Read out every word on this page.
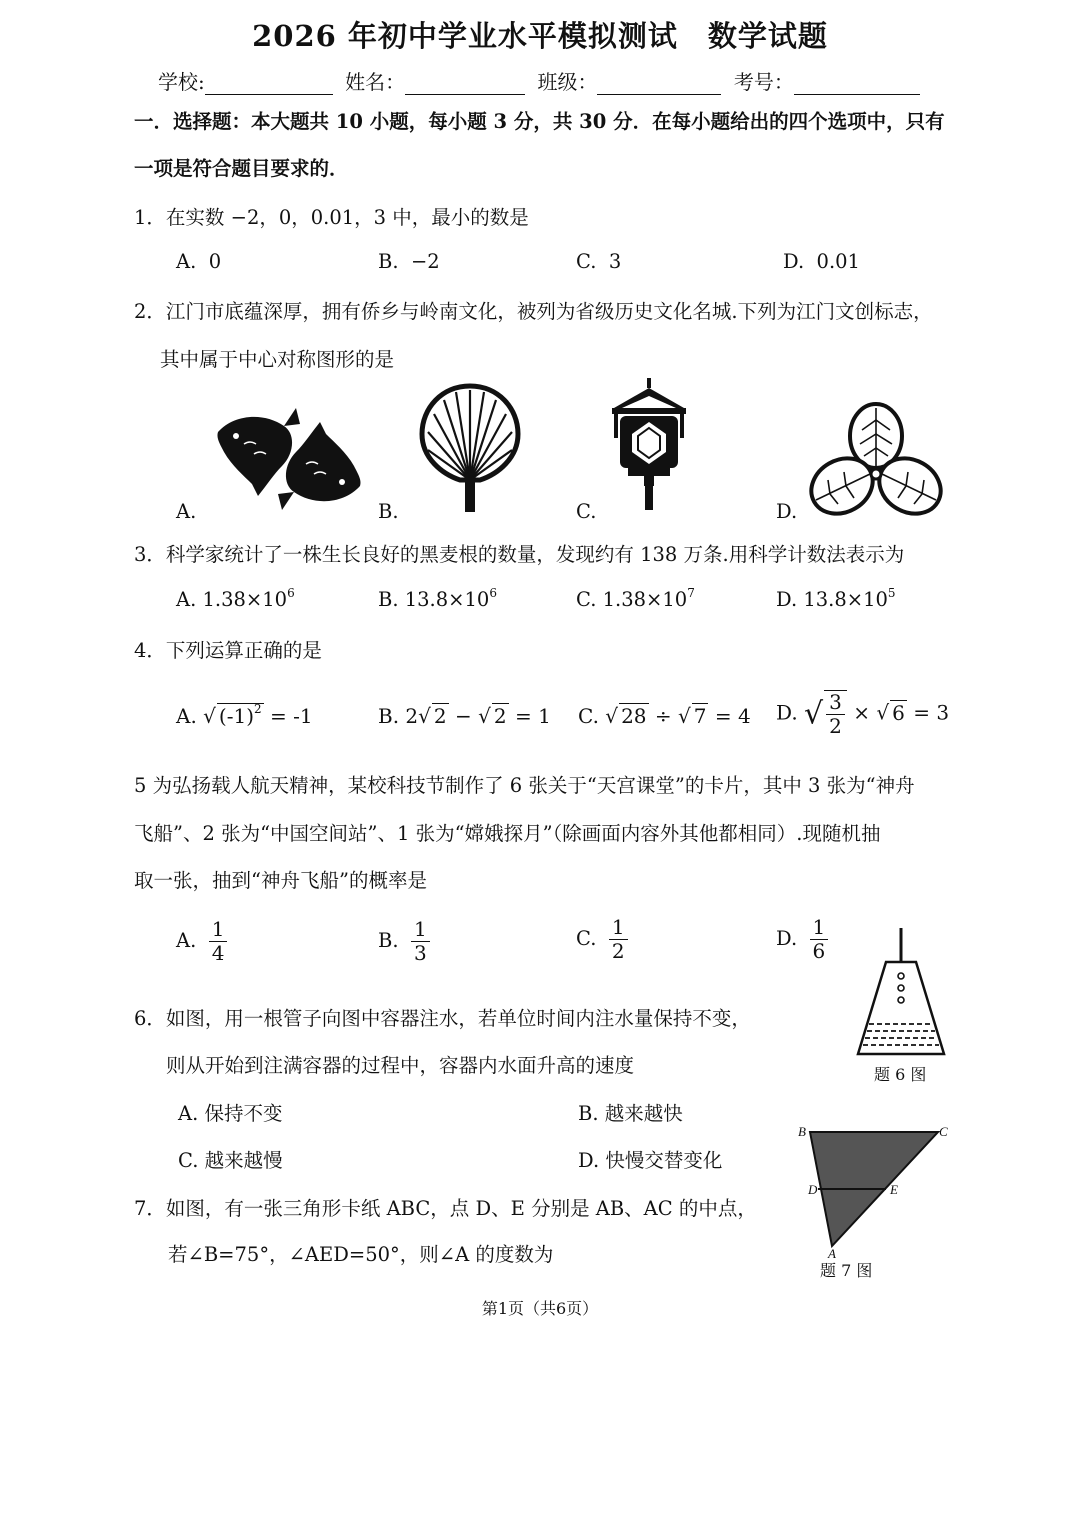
2026 年初中学业水平模拟测试　数学试题
学校:	姓名：	班级：	考号：
一．选择题：本大题共 10 小题，每小题 3 分，共 30 分．在每小题给出的四个选项中，只有
一项是符合题目要求的．
1．在实数 −2，0，0.01，3 中，最小的数是
A. 0	B. −2	C. 3	D. 0.01
2．江门市底蕴深厚，拥有侨乡与岭南文化，被列为省级历史文化名城.下列为江门文创标志，
其中属于中心对称图形的是
A.	B.	C.	D.
3．科学家统计了一株生长良好的黑麦根的数量，发现约有 138 万条.用科学计数法表示为
A. $1.38\times 10^6$	B. $13.8\times 10^6$	C. $1.38\times 10^7$	D. $13.8\times 10^5$
4．下列运算正确的是
A. √ $(-1)^2 = -1$	B. 2√ 2 − √ 2 = 1 C. √ 28 ÷ √ 7 = 4 D. √ $\frac{3}{2}$ × √ 6 = 3
5 为弘扬载人航天精神，某校科技节制作了 6 张关于“天宫课堂”的卡片，其中 3 张为“神舟
飞船”、2 张为“中国空间站”、1 张为“嫦娥探月”（除画面内容外其他都相同）.现随机抽
取一张，抽到“神舟飞船”的概率是
A. $\frac{1}{4}$	B. $\frac{1}{3}$	C. $\frac{1}{2}$	D. $\frac{1}{6}$
6．如图，用一根管子向图中容器注水，若单位时间内注水量保持不变，
则从开始到注满容器的过程中，容器内水面升高的速度
A. 保持不变	B. 越来越快
C. 越来越慢	D. 快慢交替变化
题 6 图
7．如图，有一张三角形卡纸 ABC，点 D、E 分别是 AB、AC 的中点，
若∠B=75°，∠AED=50°，则∠A 的度数为
B	C
D	E
A
题 7 图
第1页（共6页）
